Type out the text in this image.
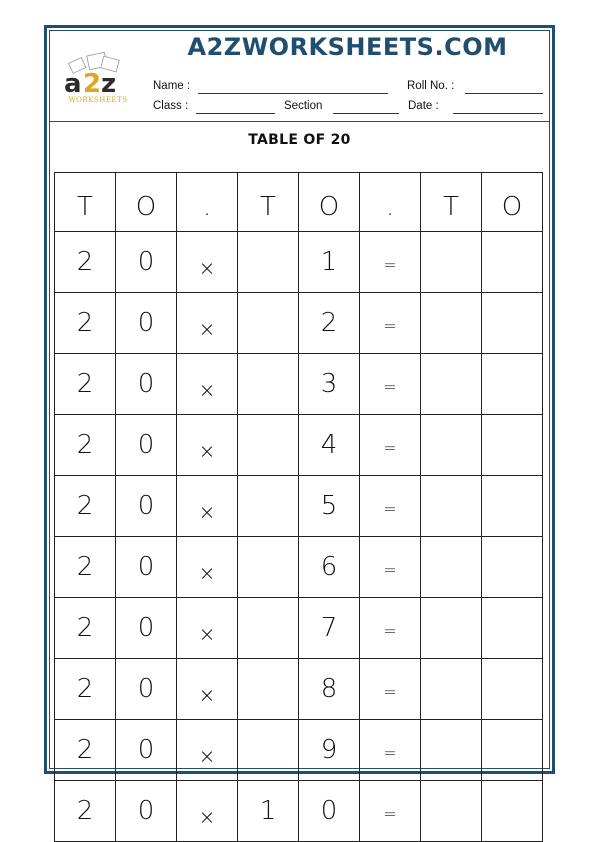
A2ZWORKSHEETS.COM
a 2 z
WORKSHEETS
Name :	Roll No. :
Class :	Section	Date :
TABLE OF 20
T	O	.	T	O	.	T	O
2	0	×		1	=		
2	0	×		2	=		
2	0	×		3	=		
2	0	×		4	=		
2	0	×		5	=		
2	0	×		6	=		
2	0	×		7	=		
2	0	×		8	=		
2	0	×		9	=		
2	0	×	1	0	=		
